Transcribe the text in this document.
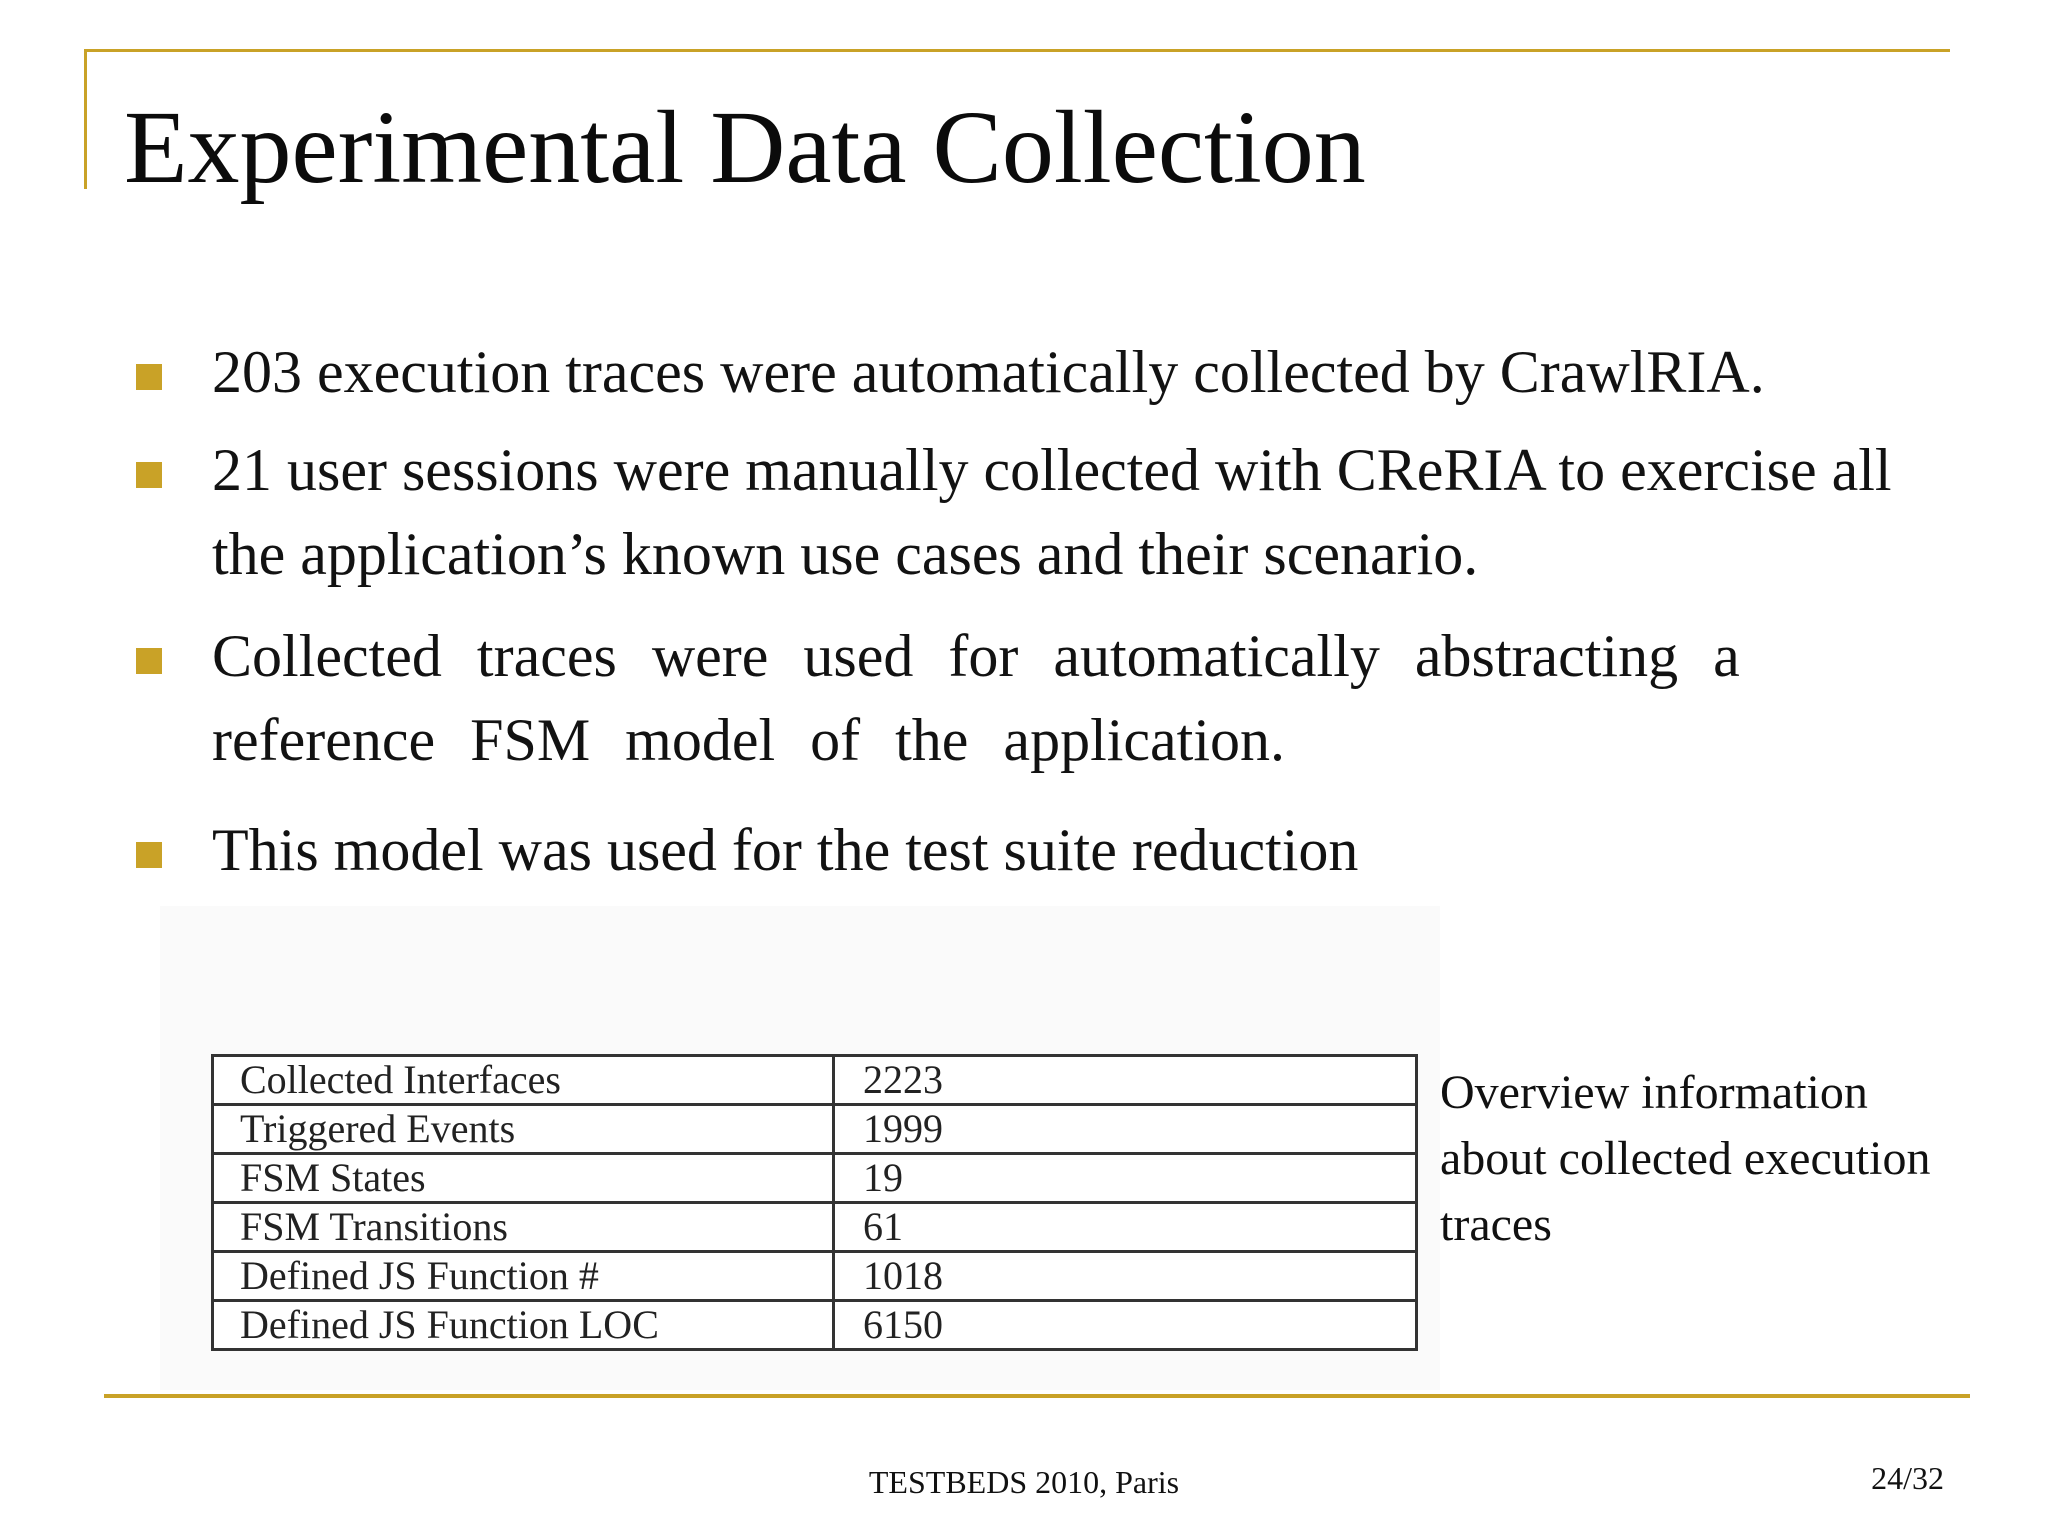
Experimental Data Collection
203 execution traces were automatically collected by CrawlRIA.
21 user sessions were manually collected with CReRIA to exercise all the application’s known use cases and their scenario.
Collected traces were used for automatically abstracting a reference FSM model of the application.
This model was used for the test suite reduction
Collected Interfaces	2223
Triggered Events	1999
FSM States	19
FSM Transitions	61
Defined JS Function #	1018
Defined JS Function LOC	6150
Overview information about collected execution traces
TESTBEDS 2010, Paris	24/32
